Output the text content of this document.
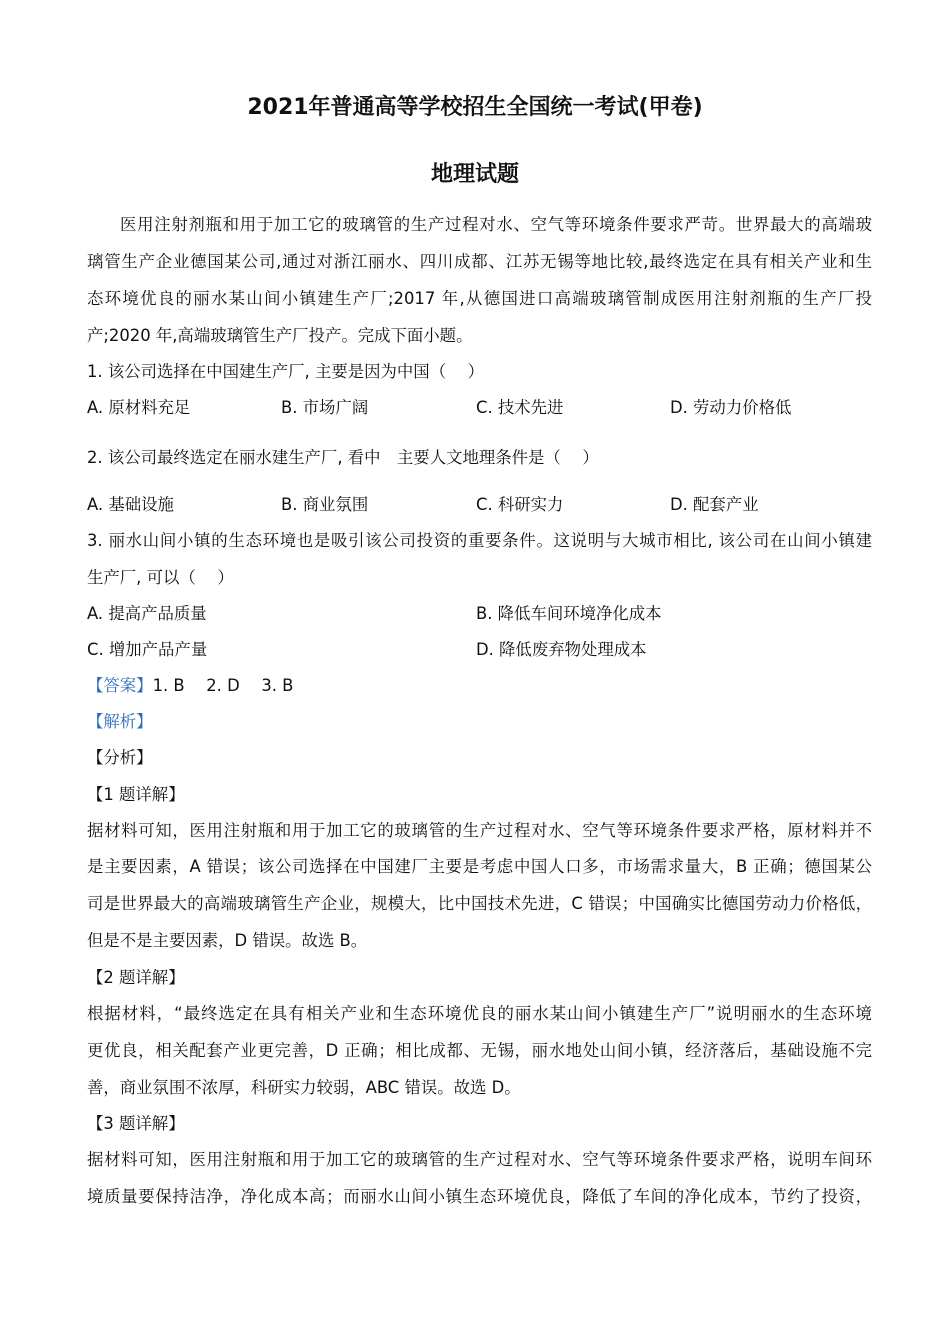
2021年普通高等学校招生全国统一考试(甲卷)
地理试题
医用注射剂瓶和用于加工它的玻璃管的生产过程对水、空气等环境条件要求严苛。世界最大的高端玻
璃管生产企业德国某公司,通过对浙江丽水、四川成都、江苏无锡等地比较,最终选定在具有相关产业和生
态环境优良的丽水某山间小镇建生产厂;2017 年,从德国进口高端玻璃管制成医用注射剂瓶的生产厂投
产;2020 年,高端玻璃管生产厂投产。完成下面小题。
1. 该公司选择在中国建生产厂, 主要是因为中国（　 ）
A. 原材料充足	B. 市场广阔	C. 技术先进	D. 劳动力价格低
2. 该公司最终选定在丽水建生产厂, 看中　主要人文地理条件是（　 ）
A. 基础设施	B. 商业氛围	C. 科研实力	D. 配套产业
3. 丽水山间小镇的生态环境也是吸引该公司投资的重要条件。这说明与大城市相比, 该公司在山间小镇建
生产厂, 可以（　 ）
A. 提高产品质量	B. 降低车间环境净化成本
C. 增加产品产量	D. 降低废弃物处理成本
【答案】1. B　 2. D　 3. B
【解析】
【分析】
【1 题详解】
据材料可知，医用注射瓶和用于加工它的玻璃管的生产过程对水、空气等环境条件要求严格，原材料并不
是主要因素，A 错误；该公司选择在中国建厂主要是考虑中国人口多，市场需求量大，B 正确；德国某公
司是世界最大的高端玻璃管生产企业，规模大，比中国技术先进，C 错误；中国确实比德国劳动力价格低，
但是不是主要因素，D 错误。故选 B。
【2 题详解】
根据材料，“最终选定在具有相关产业和生态环境优良的丽水某山间小镇建生产厂”说明丽水的生态环境
更优良，相关配套产业更完善，D 正确；相比成都、无锡，丽水地处山间小镇，经济落后，基础设施不完
善，商业氛围不浓厚，科研实力较弱，ABC 错误。故选 D。
【3 题详解】
据材料可知，医用注射瓶和用于加工它的玻璃管的生产过程对水、空气等环境条件要求严格，说明车间环
境质量要保持洁净，净化成本高；而丽水山间小镇生态环境优良，降低了车间的净化成本，节约了投资，
